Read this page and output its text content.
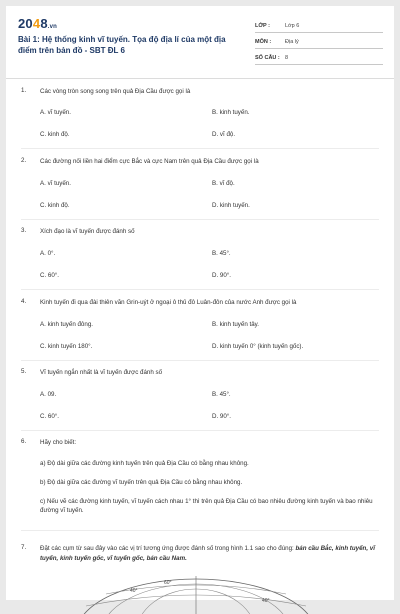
2048.vn
Bài 1: Hệ thống kinh vĩ tuyến. Tọa độ địa lí của một địa điểm trên bản đồ - SBT ĐL 6
LỚP :	Lớp 6
MÔN :	Địa lý
SỐ CÂU : 8
1. Các vòng tròn song song trên quả Địa Cầu được gọi là
A. vĩ tuyến.	B. kinh tuyến.
C. kinh độ.	D. vĩ độ.
2. Các đường nối liền hai điểm cực Bắc và cực Nam trên quả Địa Cầu được gọi là
A. vĩ tuyến.	B. vĩ độ.
C. kinh độ.	D. kinh tuyến.
3. Xích đạo là vĩ tuyến được đánh số
A. 0°.	B. 45°.
C. 60°.	D. 90°.
4. Kinh tuyến đi qua đài thiên văn Grin-uýt ở ngoại ô thủ đô Luân-đôn của nước Anh được gọi là
A. kinh tuyến đông.	B. kinh tuyến tây.
C. kinh tuyến 180°.	D. kinh tuyến 0° (kinh tuyến gốc).
5. Vĩ tuyến ngắn nhất là vĩ tuyến được đánh số
A. 09.	B. 45°.
C. 60°.	D. 90°.
6. Hãy cho biết:
a) Độ dài giữa các đường kinh tuyến trên quả Địa Cầu có bằng nhau không.
b) Độ dài giữa các đường vĩ tuyến trên quả Địa Cầu có bằng nhau không.
c) Nếu vẽ các đường kinh tuyến, vĩ tuyến cách nhau 1° thì trên quả Địa Cầu có bao nhiêu đường kinh tuyến và bao nhiêu đường vĩ tuyến.
7. Đặt các cụm từ sau đây vào các vị trí tương ứng được đánh số trong hình 1.1 sao cho đúng: bán cầu Bắc, kinh tuyến, vĩ tuyến, kinh tuyến gốc, vĩ tuyến gốc, bán cầu Nam.
40°
60°
40°
